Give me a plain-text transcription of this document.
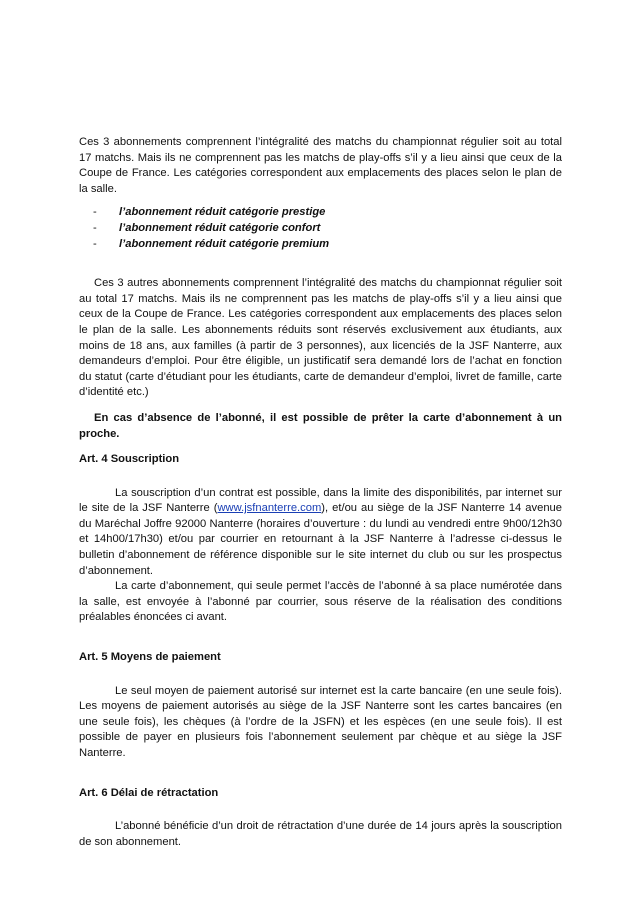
Ces 3 abonnements comprennent l’intégralité des matchs du championnat régulier soit au total 17 matchs. Mais ils ne comprennent pas les matchs de play-offs s’il y a lieu ainsi que ceux de la Coupe de France. Les catégories correspondent aux emplacements des places selon le plan de la salle.

- l’abonnement réduit catégorie prestige
- l’abonnement réduit catégorie confort
- l’abonnement réduit catégorie premium

Ces 3 autres abonnements comprennent l’intégralité des matchs du championnat régulier soit au total 17 matchs. Mais ils ne comprennent pas les matchs de play-offs s’il y a lieu ainsi que ceux de la Coupe de France. Les catégories correspondent aux emplacements des places selon le plan de la salle. Les abonnements réduits sont réservés exclusivement aux étudiants, aux moins de 18 ans, aux familles (à partir de 3 personnes), aux licenciés de la JSF Nanterre, aux demandeurs d’emploi. Pour être éligible, un justificatif sera demandé lors de l’achat en fonction du statut (carte d’étudiant pour les étudiants, carte de demandeur d’emploi, livret de famille, carte d’identité etc.)

En cas d’absence de l’abonné, il est possible de prêter la carte d’abonnement à un proche.

Art. 4 Souscription

La souscription d’un contrat est possible, dans la limite des disponibilités, par internet sur le site de la JSF Nanterre (www.jsfnanterre.com), et/ou au siège de la JSF Nanterre 14 avenue du Maréchal Joffre 92000 Nanterre (horaires d’ouverture : du lundi au vendredi entre 9h00/12h30 et 14h00/17h30) et/ou par courrier en retournant à la JSF Nanterre à l’adresse ci-dessus le bulletin d’abonnement de référence disponible sur le site internet du club ou sur les prospectus d’abonnement.

La carte d’abonnement, qui seule permet l’accès de l’abonné à sa place numérotée dans la salle, est envoyée à l’abonné par courrier, sous réserve de la réalisation des conditions préalables énoncées ci avant.

Art. 5 Moyens de paiement

Le seul moyen de paiement autorisé sur internet est la carte bancaire (en une seule fois). Les moyens de paiement autorisés au siège de la JSF Nanterre sont les cartes bancaires (en une seule fois), les chèques (à l’ordre de la JSFN) et les espèces (en une seule fois). Il est possible de payer en plusieurs fois l’abonnement seulement par chèque et au siège la JSF Nanterre.

Art. 6 Délai de rétractation

L’abonné bénéficie d’un droit de rétractation d’une durée de 14 jours après la souscription de son abonnement.
